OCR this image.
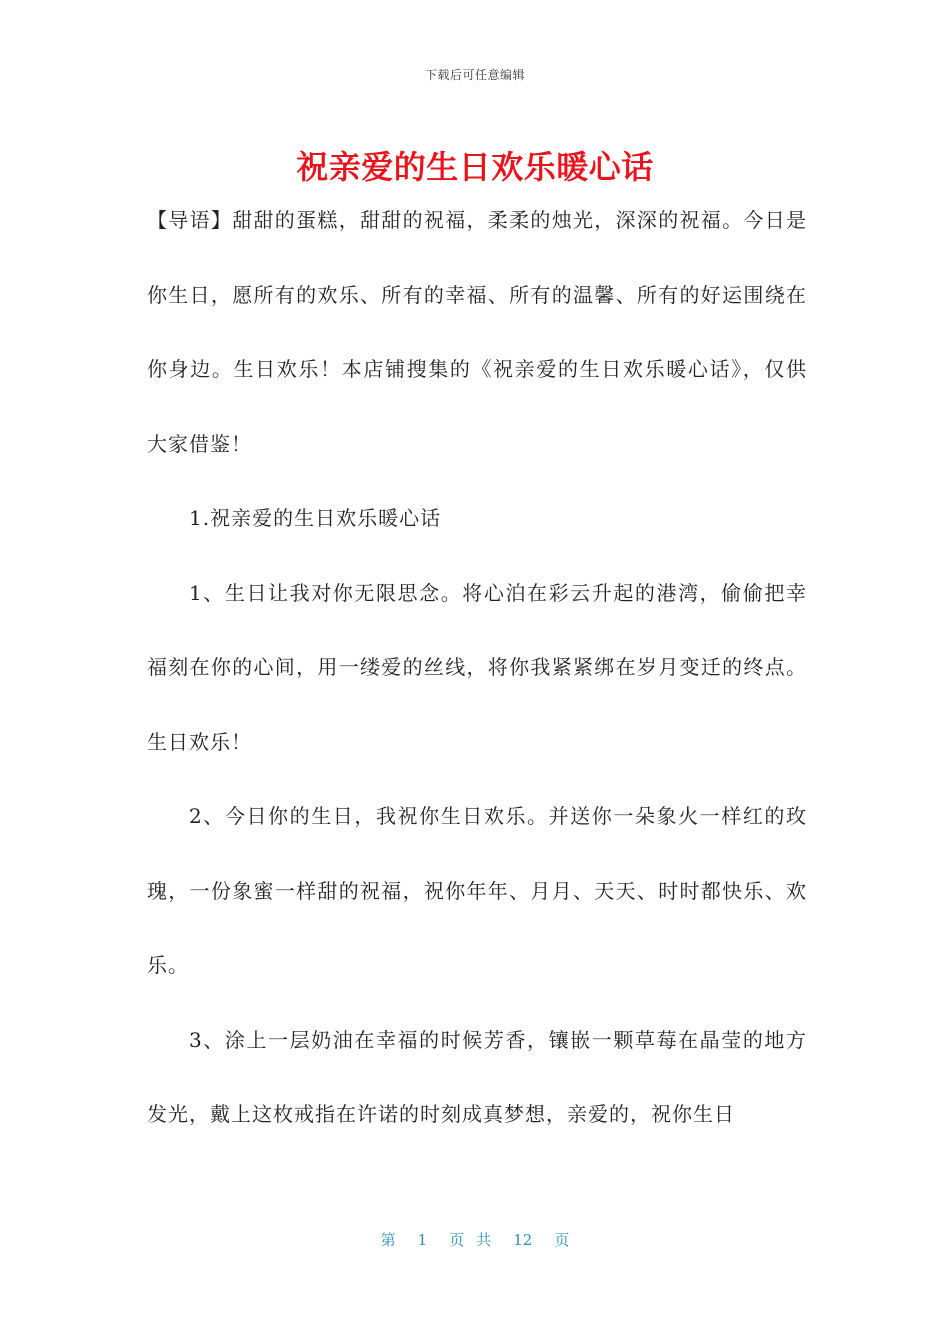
下载后可任意编辑
祝亲爱的生日欢乐暖心话

【导语】甜甜的蛋糕，甜甜的祝福，柔柔的烛光，深深的祝福。今日是你生日，愿所有的欢乐、所有的幸福、所有的温馨、所有的好运围绕在你身边。生日欢乐！本店铺搜集的《祝亲爱的生日欢乐暖心话》，仅供大家借鉴！

1.祝亲爱的生日欢乐暖心话

1、生日让我对你无限思念。将心泊在彩云升起的港湾，偷偷把幸福刻在你的心间，用一缕爱的丝线，将你我紧紧绑在岁月变迁的终点。生日欢乐！

2、今日你的生日，我祝你生日欢乐。并送你一朵象火一样红的玫瑰，一份象蜜一样甜的祝福，祝你年年、月月、天天、时时都快乐、欢乐。

3、涂上一层奶油在幸福的时候芳香，镶嵌一颗草莓在晶莹的地方发光，戴上这枚戒指在许诺的时刻成真梦想，亲爱的，祝你生日

第 1 页共 12 页
